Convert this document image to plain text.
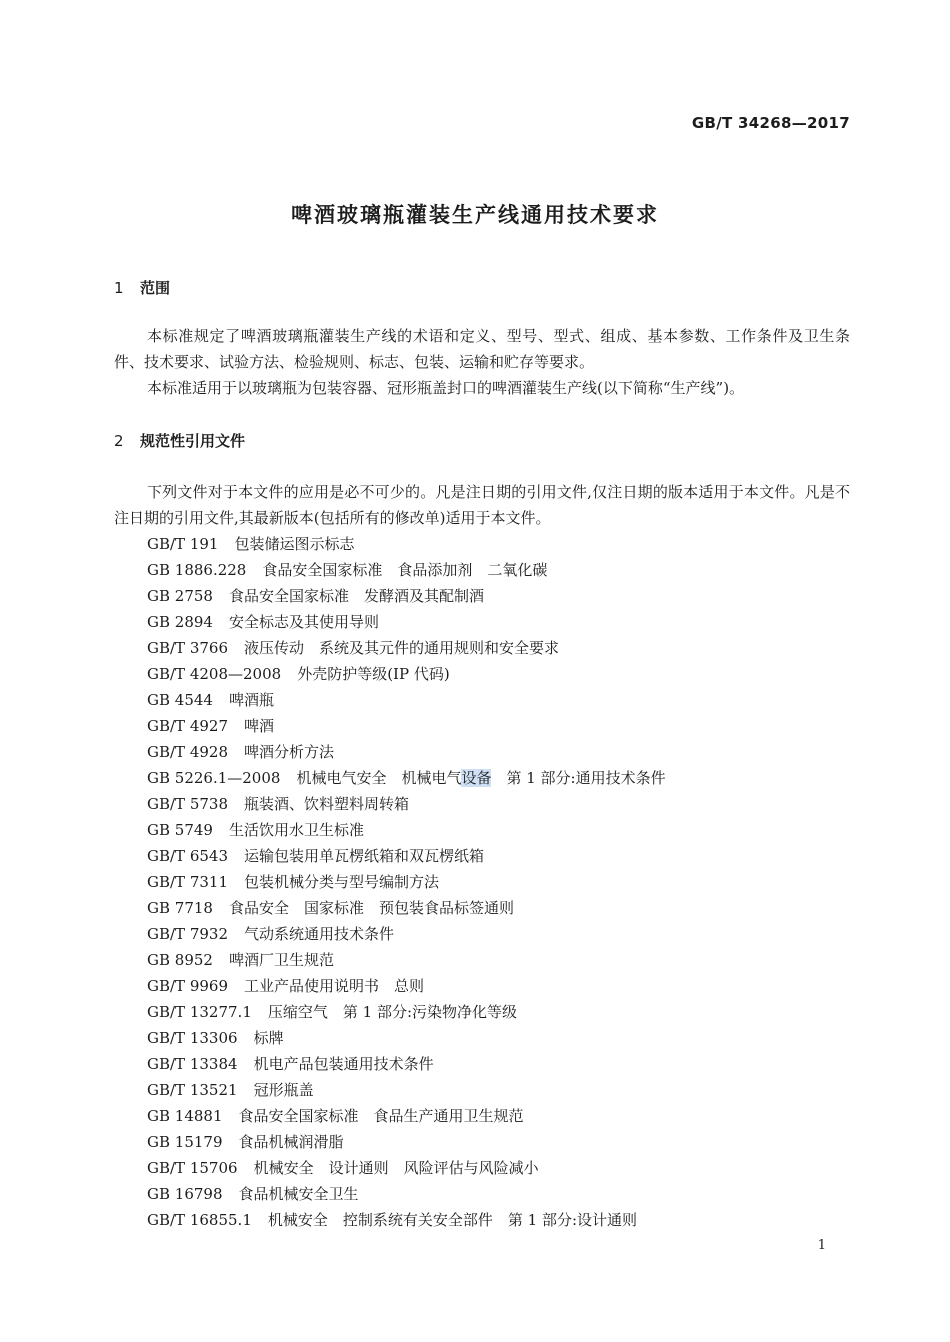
GB/T 34268—2017
啤酒玻璃瓶灌装生产线通用技术要求
1 范围
本标准规定了啤酒玻璃瓶灌装生产线的术语和定义、型号、型式、组成、基本参数、工作条件及卫生条件、技术要求、试验方法、检验规则、标志、包装、运输和贮存等要求。
本标准适用于以玻璃瓶为包装容器、冠形瓶盖封口的啤酒灌装生产线(以下简称“生产线”)。
2 规范性引用文件
下列文件对于本文件的应用是必不可少的。凡是注日期的引用文件,仅注日期的版本适用于本文件。凡是不注日期的引用文件,其最新版本(包括所有的修改单)适用于本文件。
GB/T 191 包装储运图示标志
GB 1886.228 食品安全国家标准　食品添加剂　二氧化碳
GB 2758 食品安全国家标准　发酵酒及其配制酒
GB 2894 安全标志及其使用导则
GB/T 3766 液压传动　系统及其元件的通用规则和安全要求
GB/T 4208—2008 外壳防护等级(IP 代码)
GB 4544 啤酒瓶
GB/T 4927 啤酒
GB/T 4928 啤酒分析方法
GB 5226.1—2008 机械电气安全　机械电气设备　第 1 部分:通用技术条件
GB/T 5738 瓶装酒、饮料塑料周转箱
GB 5749 生活饮用水卫生标准
GB/T 6543 运输包装用单瓦楞纸箱和双瓦楞纸箱
GB/T 7311 包装机械分类与型号编制方法
GB 7718 食品安全　国家标准　预包装食品标签通则
GB/T 7932 气动系统通用技术条件
GB 8952 啤酒厂卫生规范
GB/T 9969 工业产品使用说明书　总则
GB/T 13277.1 压缩空气　第 1 部分:污染物净化等级
GB/T 13306 标牌
GB/T 13384 机电产品包装通用技术条件
GB/T 13521 冠形瓶盖
GB 14881 食品安全国家标准　食品生产通用卫生规范
GB 15179 食品机械润滑脂
GB/T 15706 机械安全　设计通则　风险评估与风险减小
GB 16798 食品机械安全卫生
GB/T 16855.1 机械安全　控制系统有关安全部件　第 1 部分:设计通则
1
